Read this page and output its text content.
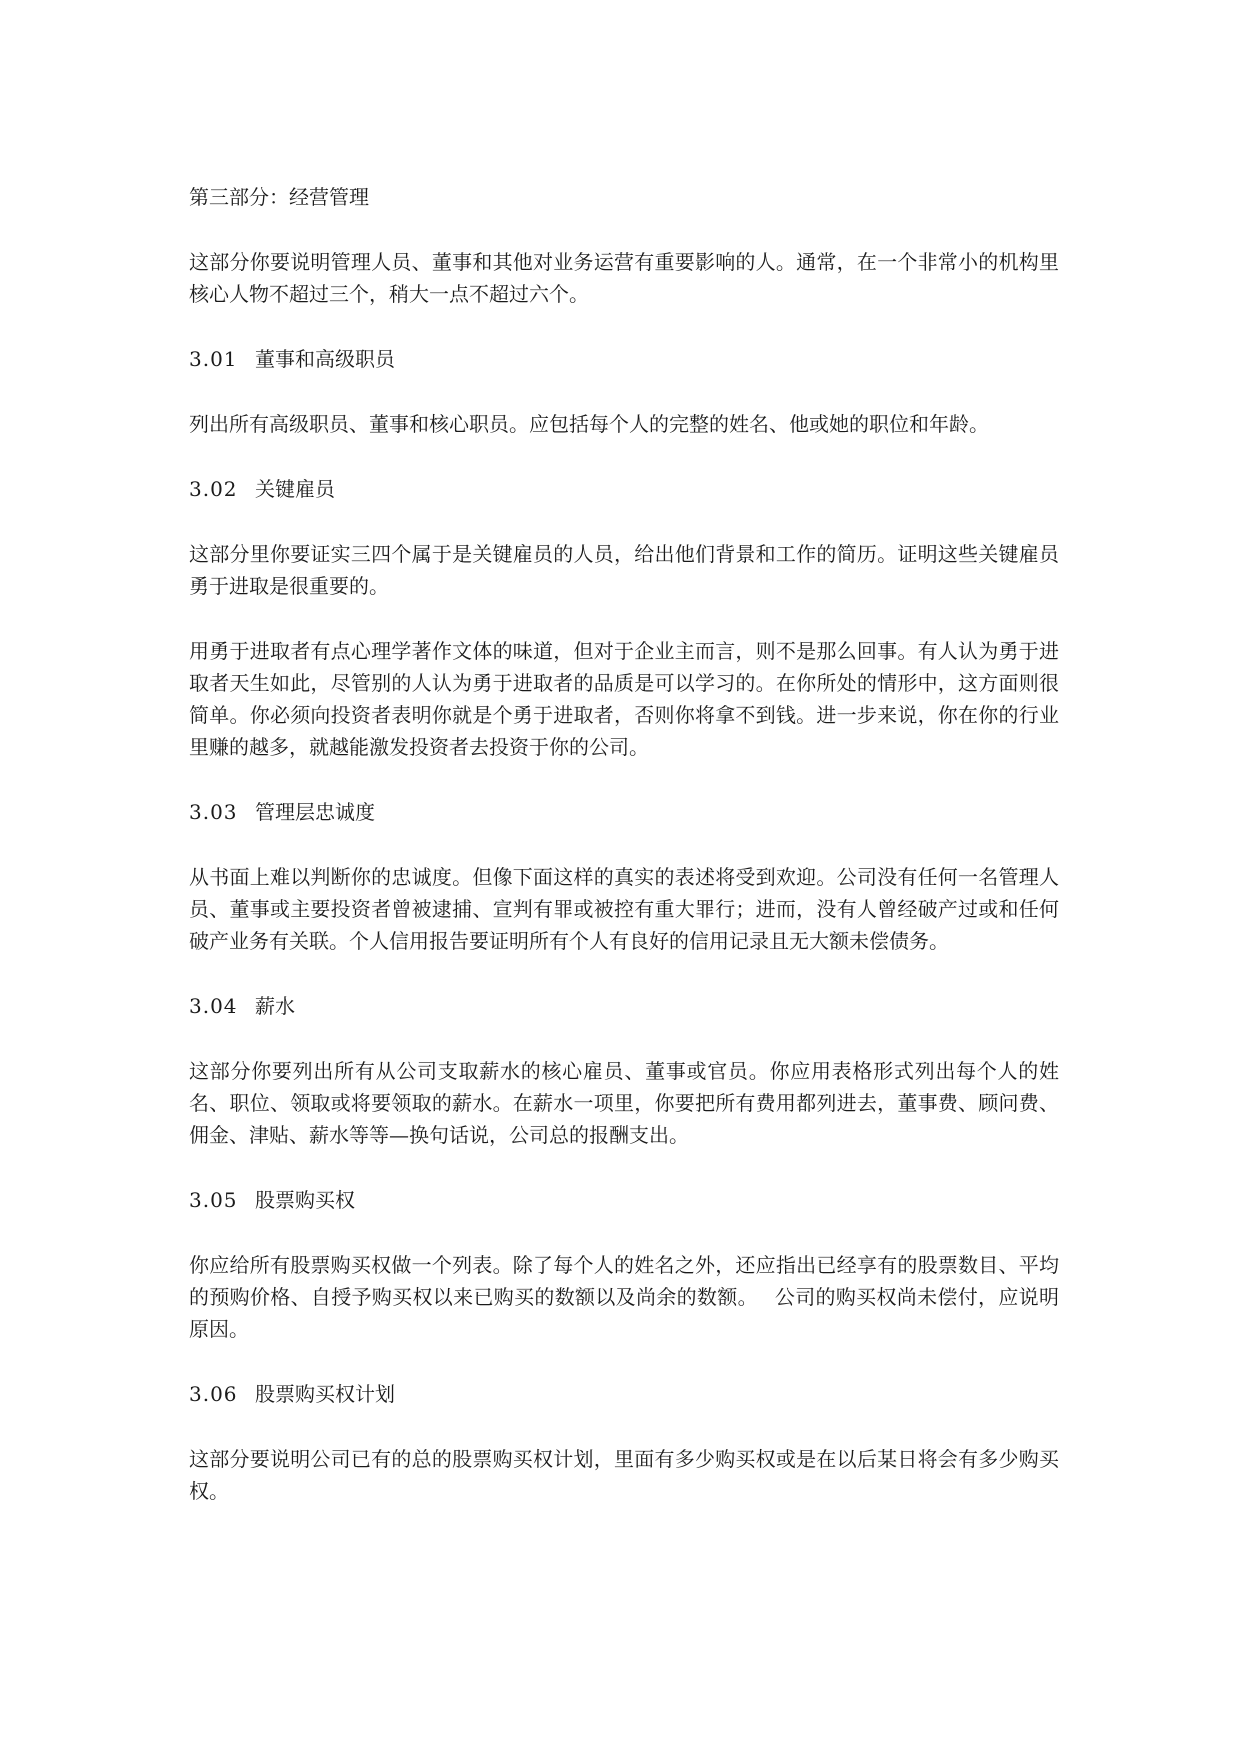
第三部分：经营管理

这部分你要说明管理人员、董事和其他对业务运营有重要影响的人。通常，在一个非常小的机构里核心人物不超过三个，稍大一点不超过六个。

3.01 董事和高级职员

列出所有高级职员、董事和核心职员。应包括每个人的完整的姓名、他或她的职位和年龄。

3.02 关键雇员

这部分里你要证实三四个属于是关键雇员的人员，给出他们背景和工作的简历。证明这些关键雇员勇于进取是很重要的。

用勇于进取者有点心理学著作文体的味道，但对于企业主而言，则不是那么回事。有人认为勇于进取者天生如此，尽管别的人认为勇于进取者的品质是可以学习的。在你所处的情形中，这方面则很简单。你必须向投资者表明你就是个勇于进取者，否则你将拿不到钱。进一步来说，你在你的行业里赚的越多，就越能激发投资者去投资于你的公司。

3.03 管理层忠诚度

从书面上难以判断你的忠诚度。但像下面这样的真实的表述将受到欢迎。公司没有任何一名管理人员、董事或主要投资者曾被逮捕、宣判有罪或被控有重大罪行；进而，没有人曾经破产过或和任何破产业务有关联。个人信用报告要证明所有个人有良好的信用记录且无大额未偿债务。

3.04 薪水

这部分你要列出所有从公司支取薪水的核心雇员、董事或官员。你应用表格形式列出每个人的姓名、职位、领取或将要领取的薪水。在薪水一项里，你要把所有费用都列进去，董事费、顾问费、佣金、津贴、薪水等等—换句话说，公司总的报酬支出。

3.05 股票购买权

你应给所有股票购买权做一个列表。除了每个人的姓名之外，还应指出已经享有的股票数目、平均的预购价格、自授予购买权以来已购买的数额以及尚余的数额。　 公司的购买权尚未偿付，应说明原因。

3.06 股票购买权计划

这部分要说明公司已有的总的股票购买权计划，里面有多少购买权或是在以后某日将会有多少购买权。
